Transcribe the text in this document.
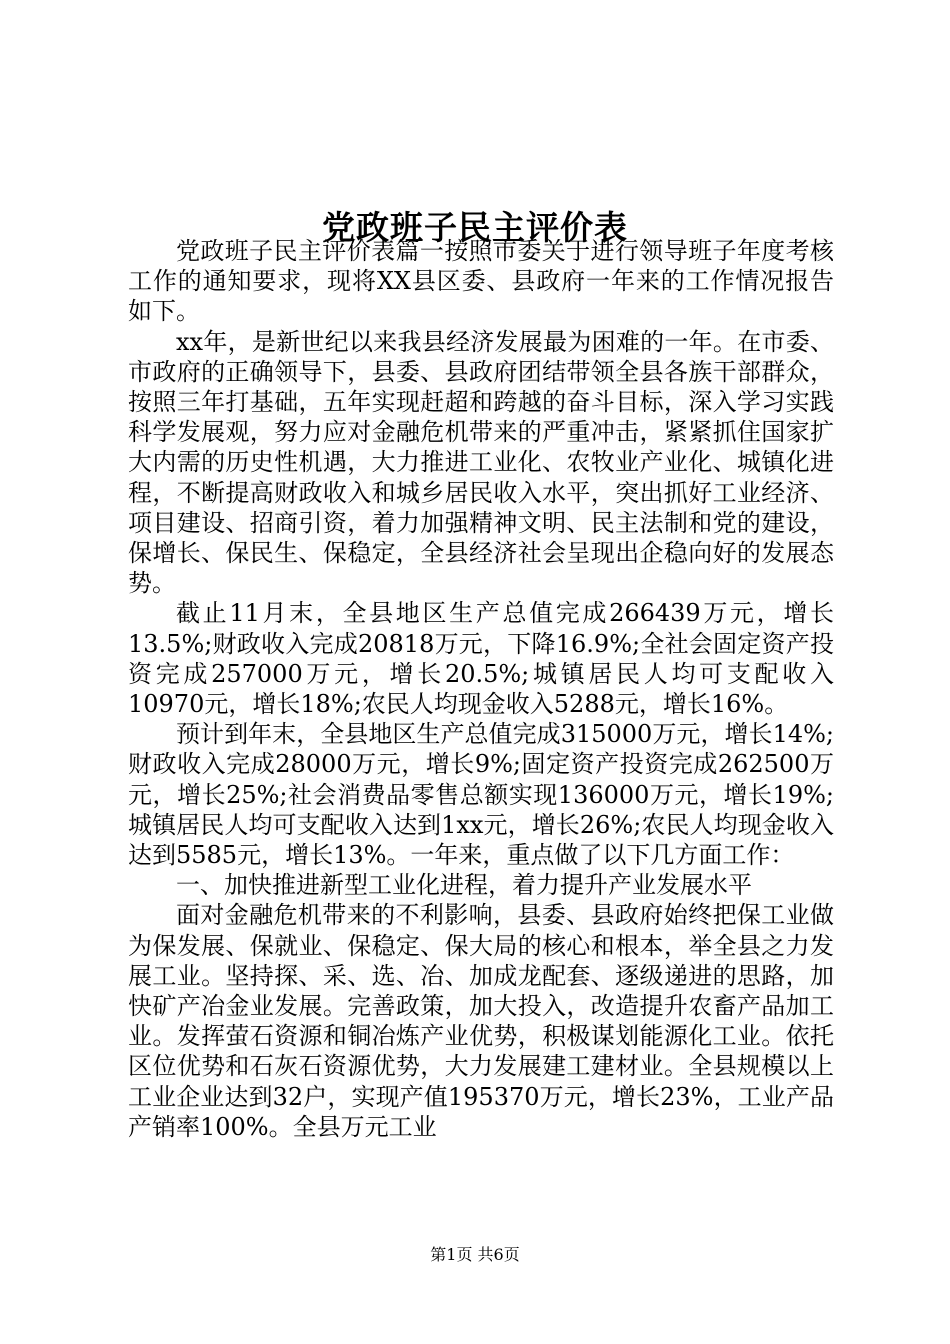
党政班子民主评价表

党政班子民主评价表篇一按照市委关于进行领导班子年度考核工作的通知要求，现将XX县区委、县政府一年来的工作情况报告如下。

xx年，是新世纪以来我县经济发展最为困难的一年。在市委、市政府的正确领导下，县委、县政府团结带领全县各族干部群众，按照三年打基础，五年实现赶超和跨越的奋斗目标，深入学习实践科学发展观，努力应对金融危机带来的严重冲击，紧紧抓住国家扩大内需的历史性机遇，大力推进工业化、农牧业产业化、城镇化进程，不断提高财政收入和城乡居民收入水平，突出抓好工业经济、项目建设、招商引资，着力加强精神文明、民主法制和党的建设，保增长、保民生、保稳定，全县经济社会呈现出企稳向好的发展态势。

截止11月末，全县地区生产总值完成266439万元，增长13.5%;财政收入完成20818万元，下降16.9%;全社会固定资产投资完成257000万元，增长20.5%;城镇居民人均可支配收入10970元，增长18%;农民人均现金收入5288元，增长16%。

预计到年末，全县地区生产总值完成315000万元，增长14%;财政收入完成28000万元，增长9%;固定资产投资完成262500万元，增长25%;社会消费品零售总额实现136000万元，增长19%;城镇居民人均可支配收入达到1xx元，增长26%;农民人均现金收入达到5585元，增长13%。一年来，重点做了以下几方面工作：

一、加快推进新型工业化进程，着力提升产业发展水平

面对金融危机带来的不利影响，县委、县政府始终把保工业做为保发展、保就业、保稳定、保大局的核心和根本，举全县之力发展工业。坚持探、采、选、冶、加成龙配套、逐级递进的思路，加快矿产冶金业发展。完善政策，加大投入，改造提升农畜产品加工业。发挥萤石资源和铜冶炼产业优势，积极谋划能源化工业。依托区位优势和石灰石资源优势，大力发展建工建材业。全县规模以上工业企业达到32户，实现产值195370万元，增长23%，工业产品产销率100%。全县万元工业

第1页 共6页
